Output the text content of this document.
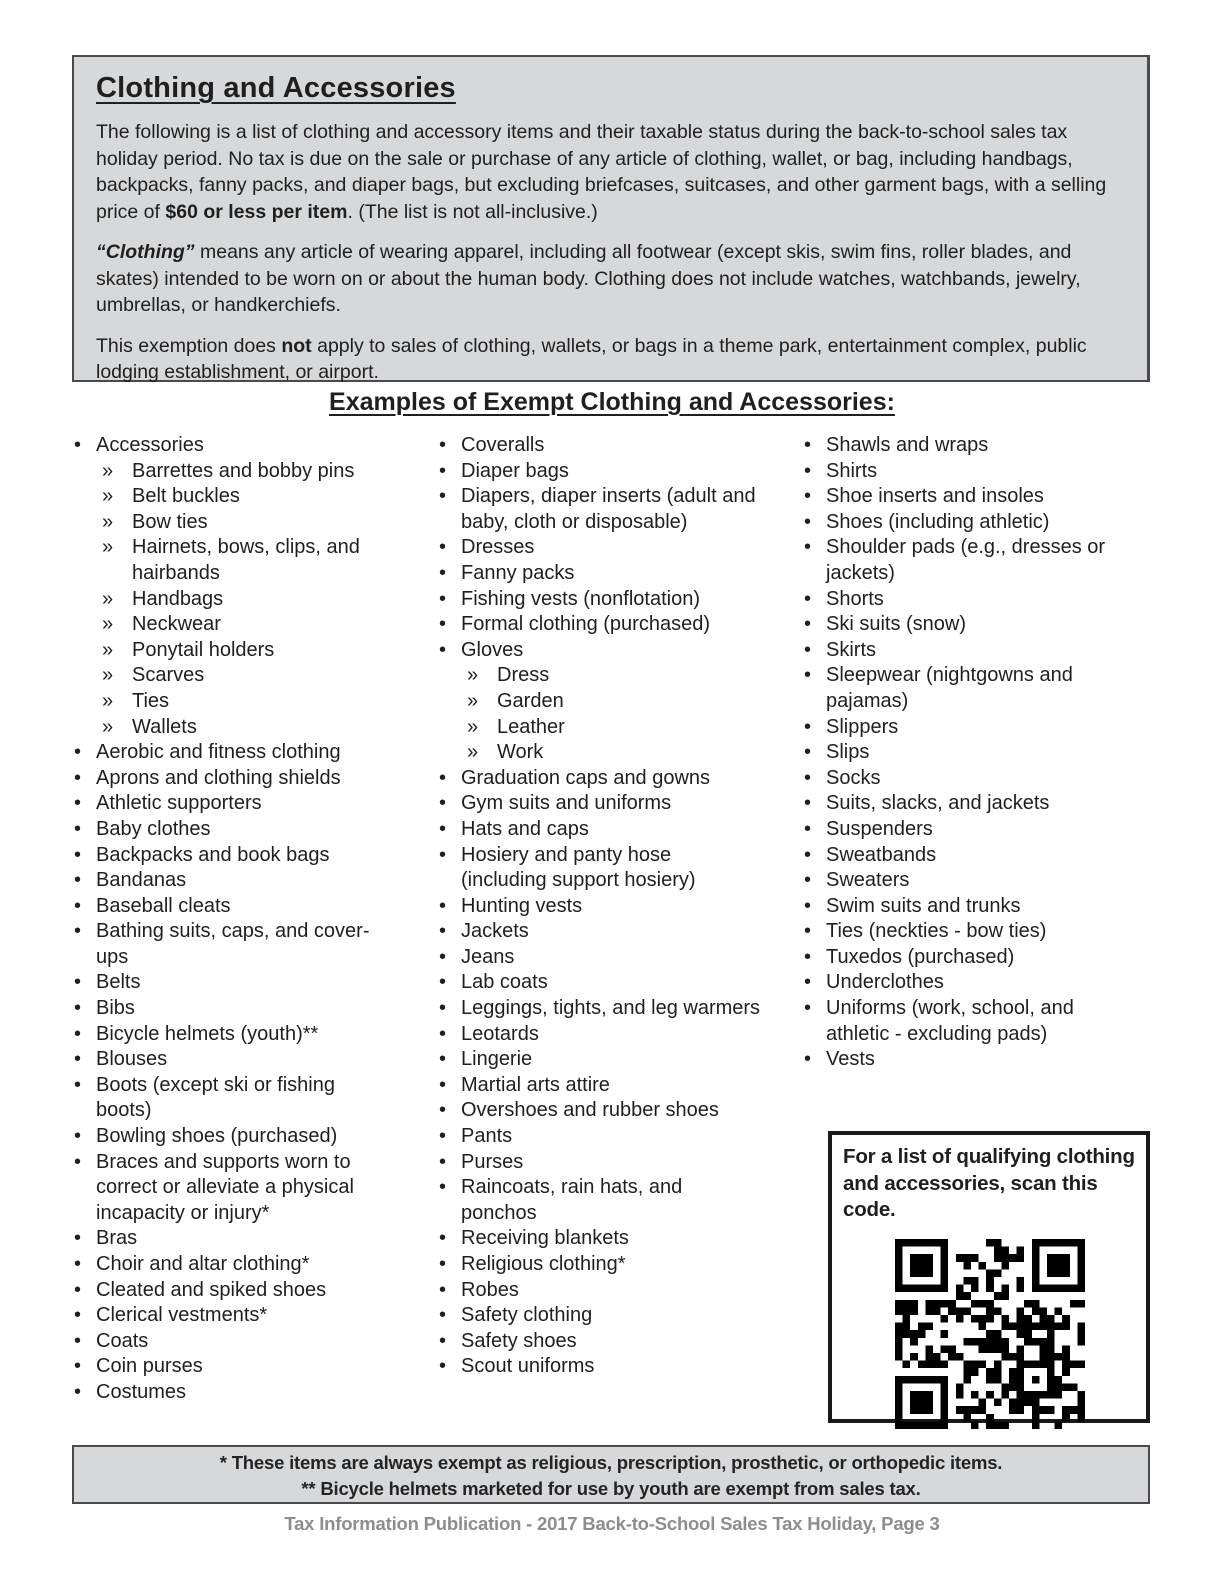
Clothing and Accessories

The following is a list of clothing and accessory items and their taxable status during the back-to-school sales tax holiday period. No tax is due on the sale or purchase of any article of clothing, wallet, or bag, including handbags, backpacks, fanny packs, and diaper bags, but excluding briefcases, suitcases, and other garment bags, with a selling price of $60 or less per item. (The list is not all-inclusive.)

“Clothing” means any article of wearing apparel, including all footwear (except skis, swim fins, roller blades, and skates) intended to be worn on or about the human body. Clothing does not include watches, watchbands, jewelry, umbrellas, or handkerchiefs.

This exemption does not apply to sales of clothing, wallets, or bags in a theme park, entertainment complex, public lodging establishment, or airport.

Examples of Exempt Clothing and Accessories:
• Accessories
» Barrettes and bobby pins
» Belt buckles
» Bow ties
» Hairnets, bows, clips, and hairbands
» Handbags
» Neckwear
» Ponytail holders
» Scarves
» Ties
» Wallets
• Aerobic and fitness clothing
• Aprons and clothing shields
• Athletic supporters
• Baby clothes
• Backpacks and book bags
• Bandanas
• Baseball cleats
• Bathing suits, caps, and cover-ups
• Belts
• Bibs
• Bicycle helmets (youth)**
• Blouses
• Boots (except ski or fishing boots)
• Bowling shoes (purchased)
• Braces and supports worn to correct or alleviate a physical incapacity or injury*
• Bras
• Choir and altar clothing*
• Cleated and spiked shoes
• Clerical vestments*
• Coats
• Coin purses
• Costumes
• Coveralls
• Diaper bags
• Diapers, diaper inserts (adult and baby, cloth or disposable)
• Dresses
• Fanny packs
• Fishing vests (nonflotation)
• Formal clothing (purchased)
• Gloves
» Dress
» Garden
» Leather
» Work
• Graduation caps and gowns
• Gym suits and uniforms
• Hats and caps
• Hosiery and panty hose (including support hosiery)
• Hunting vests
• Jackets
• Jeans
• Lab coats
• Leggings, tights, and leg warmers
• Leotards
• Lingerie
• Martial arts attire
• Overshoes and rubber shoes
• Pants
• Purses
• Raincoats, rain hats, and ponchos
• Receiving blankets
• Religious clothing*
• Robes
• Safety clothing
• Safety shoes
• Scout uniforms
• Shawls and wraps
• Shirts
• Shoe inserts and insoles
• Shoes (including athletic)
• Shoulder pads (e.g., dresses or jackets)
• Shorts
• Ski suits (snow)
• Skirts
• Sleepwear (nightgowns and pajamas)
• Slippers
• Slips
• Socks
• Suits, slacks, and jackets
• Suspenders
• Sweatbands
• Sweaters
• Swim suits and trunks
• Ties (neckties - bow ties)
• Tuxedos (purchased)
• Underclothes
• Uniforms (work, school, and athletic - excluding pads)
• Vests
For a list of qualifying clothing and accessories, scan this code.
* These items are always exempt as religious, prescription, prosthetic, or orthopedic items.
** Bicycle helmets marketed for use by youth are exempt from sales tax.
Tax Information Publication - 2017 Back-to-School Sales Tax Holiday, Page 3
